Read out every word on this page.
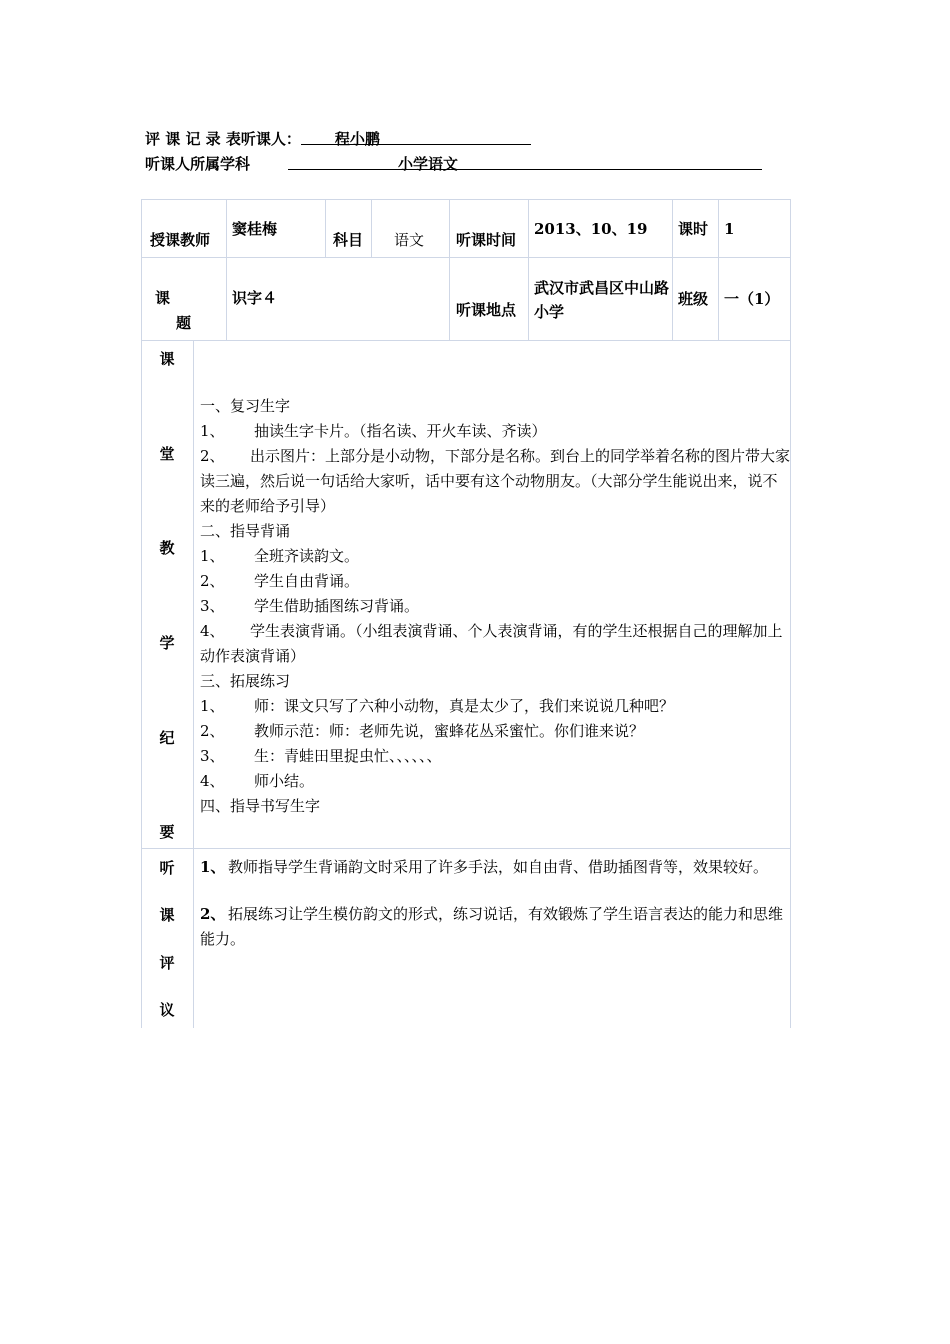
评 课 记 录 表听课人： 程小鹏
听课人所属学科	小学语文
授课教师
窦桂梅
科目 语文 听课时间
2013、10、19 课时 1
课
题
识字４
听课地点
武汉市武昌区中山路小学
班级 一（1）
课
堂
教
学
纪
要

一、复习生字

1、 抽读生字卡片。（指名读、开火车读、齐读）

2、 出示图片：上部分是小动物，下部分是名称。到台上的同学举着名称的图片带大家读三遍，然后说一句话给大家听，话中要有这个动物朋友。（大部分学生能说出来，说不来的老师给予引导）

二、指导背诵

1、 全班齐读韵文。

2、 学生自由背诵。

3、 学生借助插图练习背诵。

4、 学生表演背诵。（小组表演背诵、个人表演背诵，有的学生还根据自己的理解加上动作表演背诵）

三、拓展练习

1、 师：课文只写了六种小动物，真是太少了，我们来说说几种吧？

2、 教师示范：师：老师先说，蜜蜂花丛采蜜忙。你们谁来说？

3、 生：青蛙田里捉虫忙、、、、、、

4、 师小结。

四、指导书写生字

听
课
评
议

1、 教师指导学生背诵韵文时采用了许多手法，如自由背、借助插图背等，效果较好。

2、 拓展练习让学生模仿韵文的形式，练习说话，有效锻炼了学生语言表达的能力和思维能力。
